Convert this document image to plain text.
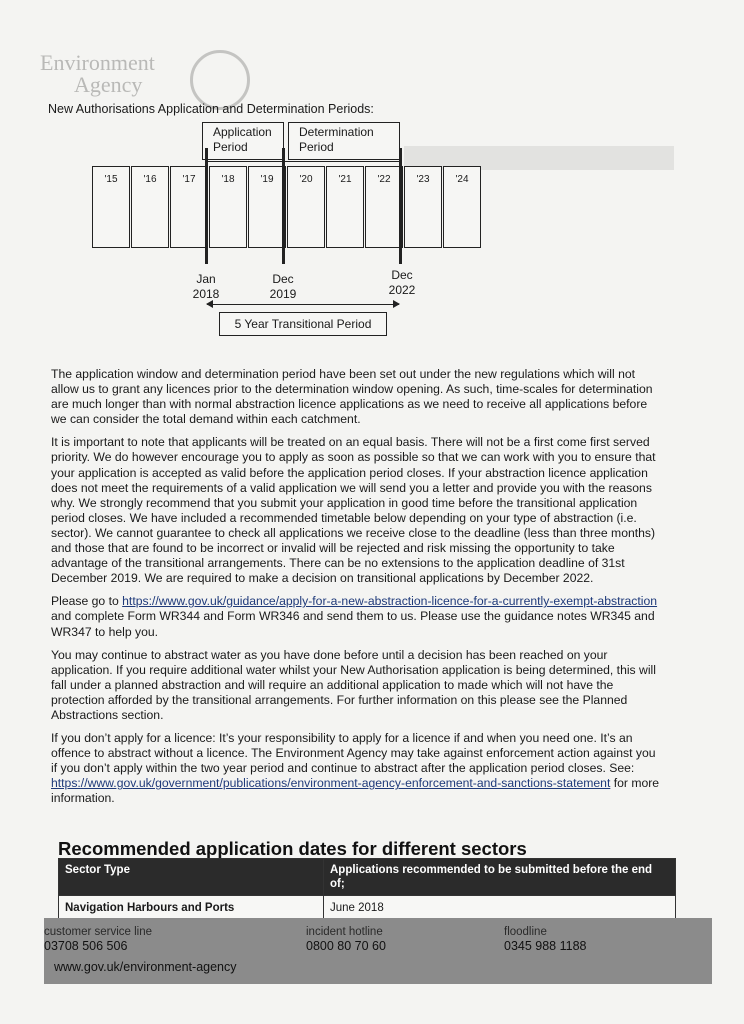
Environment
Agency
New Authorisations Application and Determination Periods:
Application Period
Determination Period
'15	'16	'17	'18	'19	'20	'21	'22	'23	'24
Jan
2018
Dec
2019
Dec
2022
5 Year Transitional Period

The application window and determination period have been set out under the new regulations which will not allow us to grant any licences prior to the determination window opening. As such, time-scales for determination are much longer than with normal abstraction licence applications as we need to receive all applications before we can consider the total demand within each catchment.

It is important to note that applicants will be treated on an equal basis. There will not be a first come first served priority. We do however encourage you to apply as soon as possible so that we can work with you to ensure that your application is accepted as valid before the application period closes. If your abstraction licence application does not meet the requirements of a valid application we will send you a letter and provide you with the reasons why. We strongly recommend that you submit your application in good time before the transitional application period closes. We have included a recommended timetable below depending on your type of abstraction (i.e. sector). We cannot guarantee to check all applications we receive close to the deadline (less than three months) and those that are found to be incorrect or invalid will be rejected and risk missing the opportunity to take advantage of the transitional arrangements. There can be no extensions to the application deadline of 31st December 2019. We are required to make a decision on transitional applications by December 2022.

Please go to https://www.gov.uk/guidance/apply-for-a-new-abstraction-licence-for-a-currently-exempt-abstraction and complete Form WR344 and Form WR346 and send them to us. Please use the guidance notes WR345 and WR347 to help you.

You may continue to abstract water as you have done before until a decision has been reached on your application. If you require additional water whilst your New Authorisation application is being determined, this will fall under a planned abstraction and will require an additional application to made which will not have the protection afforded by the transitional arrangements. For further information on this please see the Planned Abstractions section.

If you don’t apply for a licence: It’s your responsibility to apply for a licence if and when you need one. It’s an offence to abstract without a licence. The Environment Agency may take against enforcement action against you if you don’t apply within the two year period and continue to abstract after the application period closes. See: https://www.gov.uk/government/publications/environment-agency-enforcement-and-sanctions-statement for more information.

Recommended application dates for different sectors
Sector Type	Applications recommended to be submitted before the end of;
Navigation Harbours and Ports	June 2018
customer service line
03708 506 506
incident hotline
0800 80 70 60
floodline
0345 988 1188
www.gov.uk/environment-agency
